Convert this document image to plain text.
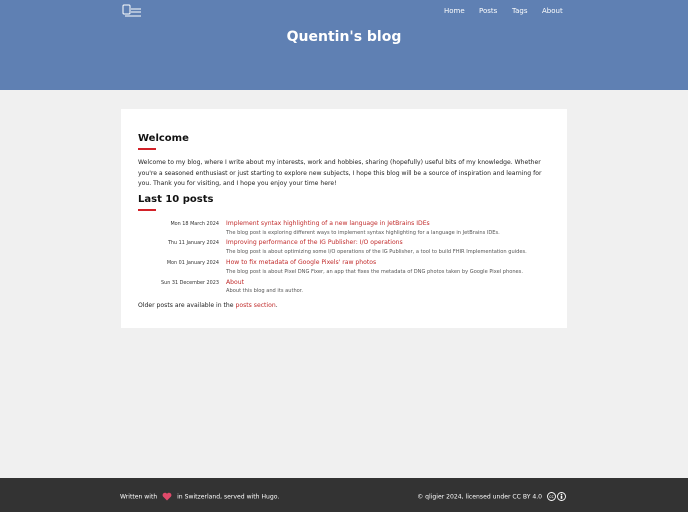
Home Posts Tags About
Quentin's blog
Welcome

Welcome to my blog, where I write about my interests, work and hobbies, sharing (hopefully) useful bits of my knowledge. Whether you're a seasoned enthusiast or just starting to explore new subjects, I hope this blog will be a source of inspiration and learning for you. Thank you for visiting, and I hope you enjoy your time here!

Last 10 posts
Mon 18 March 2024 Implement syntax highlighting of a new language in JetBrains IDEs
The blog post is exploring different ways to implement syntax highlighting for a language in JetBrains IDEs.
Thu 11 January 2024 Improving performance of the IG Publisher: I/O operations
The blog post is about optimizing some I/O operations of the IG Publisher, a tool to build FHIR Implementation guides.
Mon 01 January 2024 How to fix metadata of Google Pixels' raw photos
The blog post is about Pixel DNG Fixer, an app that fixes the metadata of DNG photos taken by Google Pixel phones.
Sun 31 December 2023 About
About this blog and its author.

Older posts are available in the posts section.

Written with	in Switzerland, served with Hugo.	© qligier 2024, licensed under CC BY 4.0 cc
